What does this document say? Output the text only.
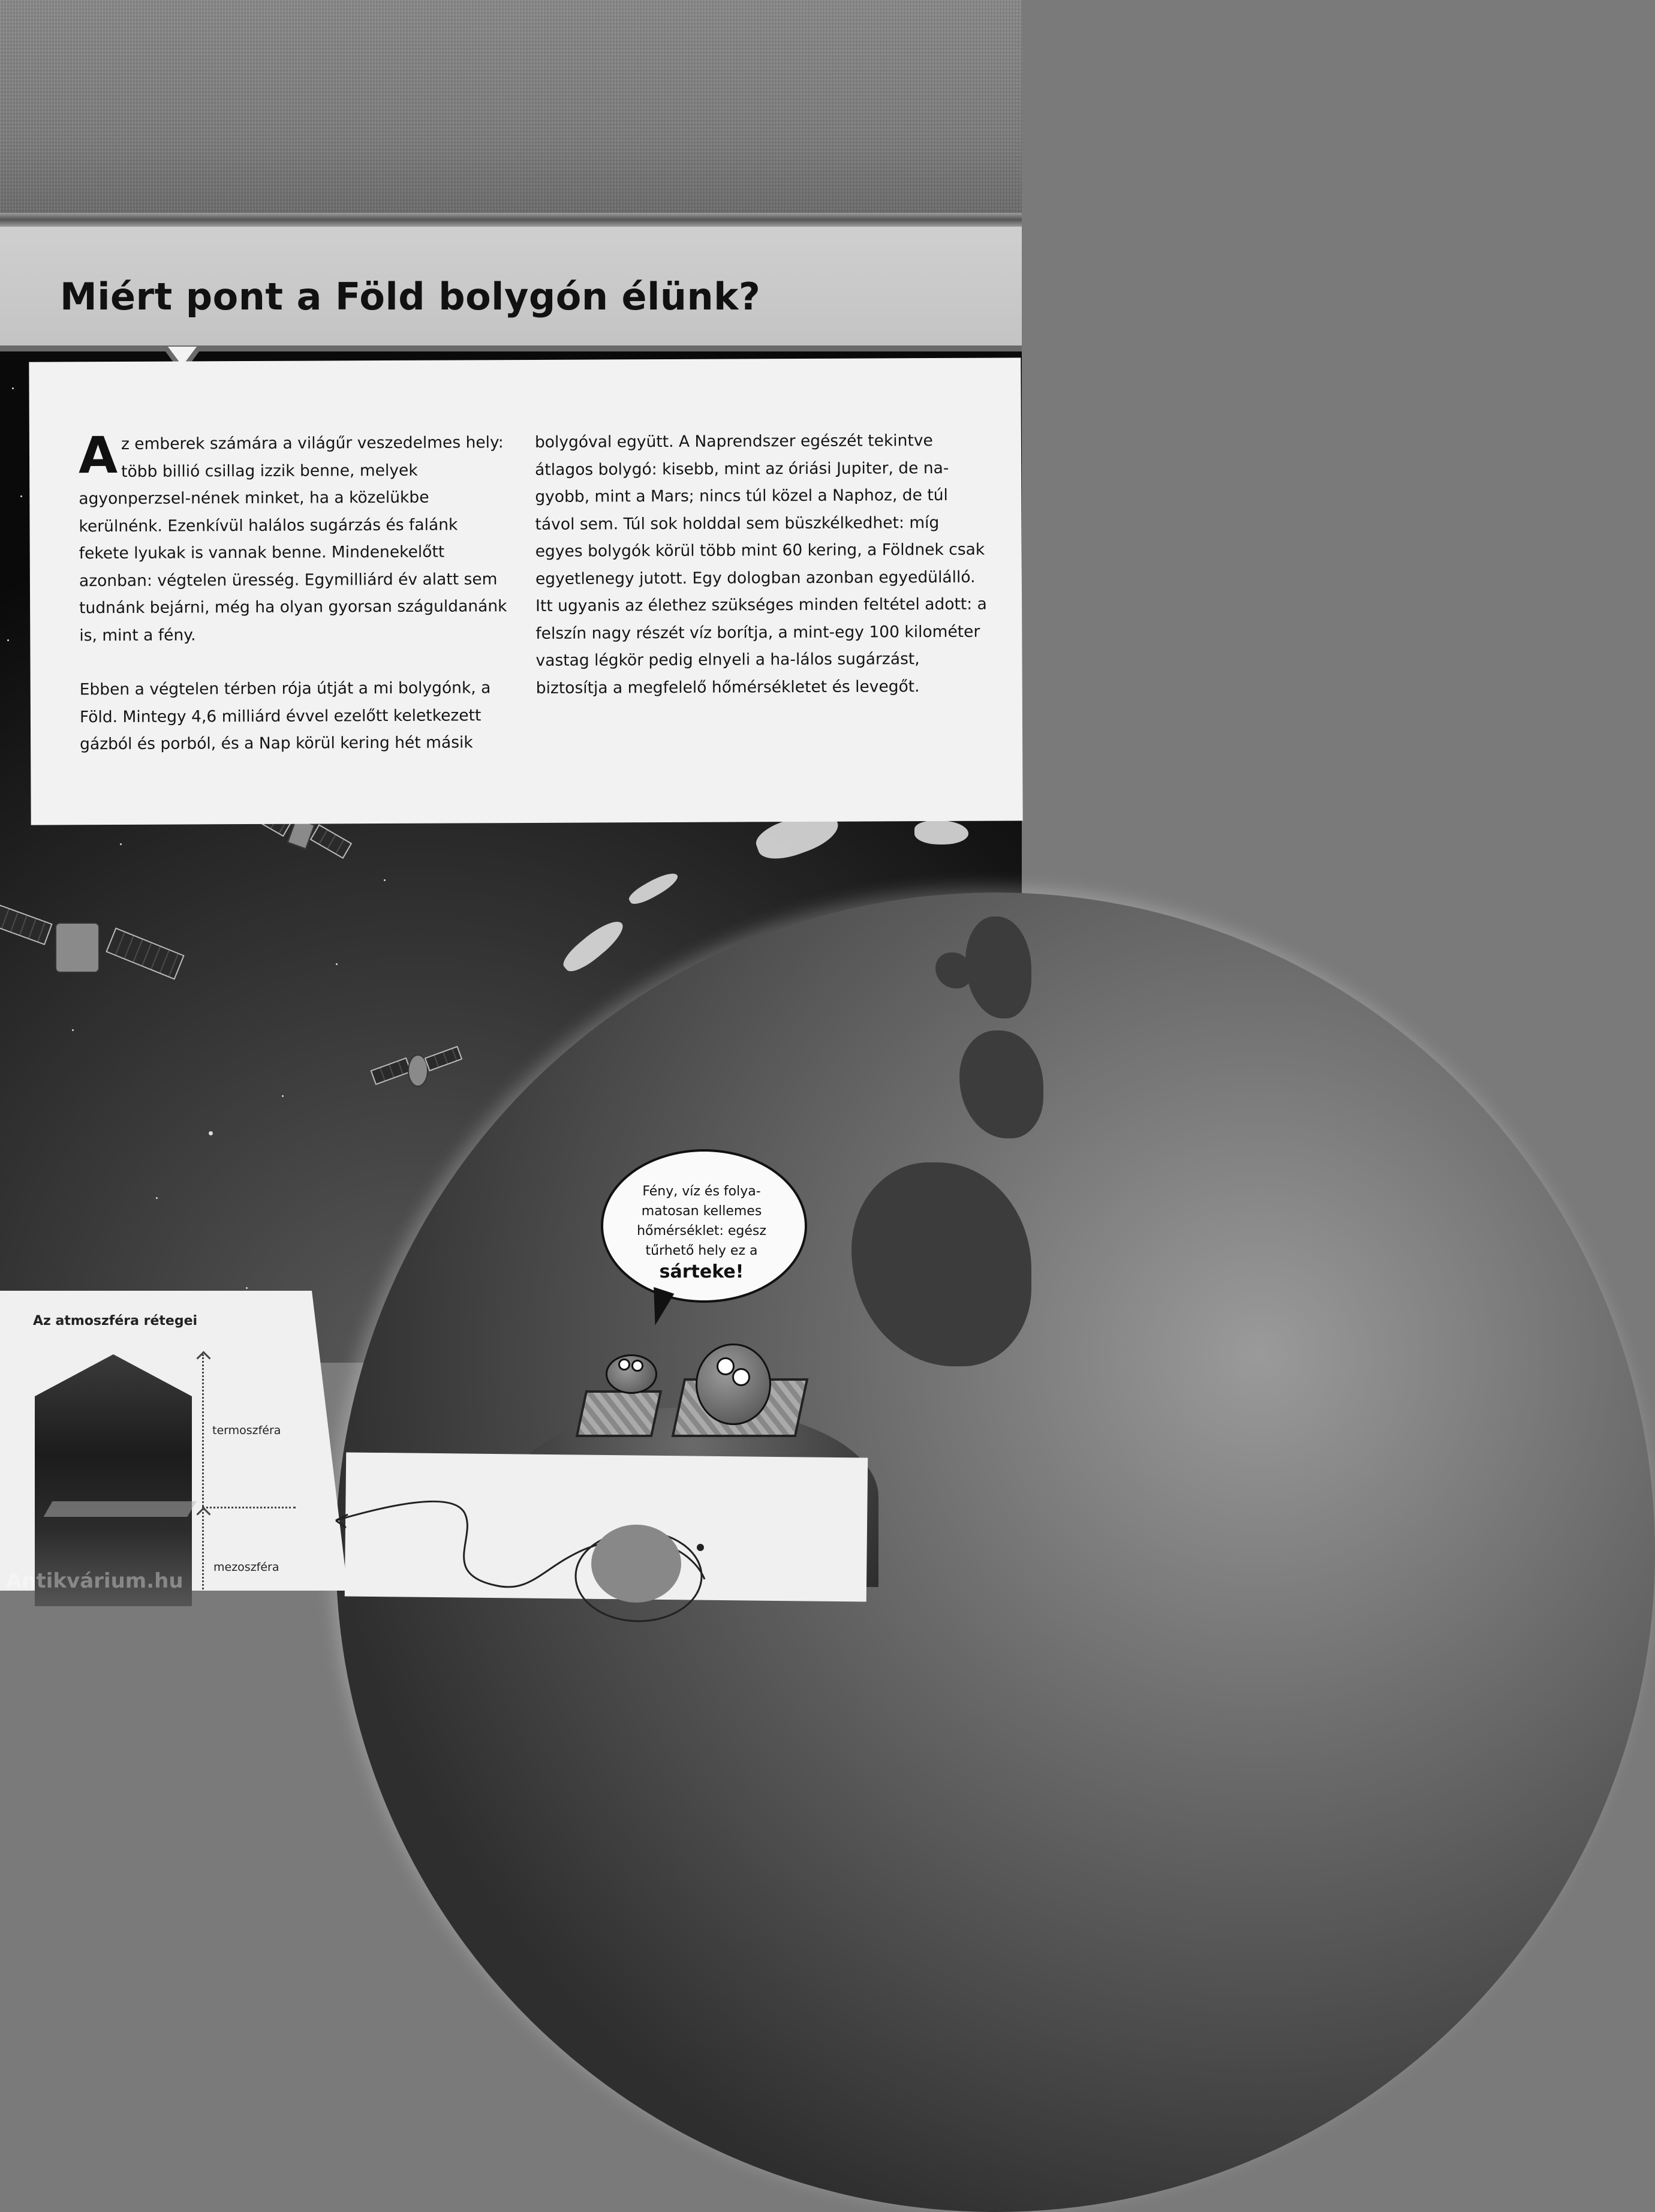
Miért pont a Föld bolygón élünk?

Fény, víz és folya-matosan kellemes hőmérséklet: egész tűrhető hely ez a
sárteke!

Az emberek számára a világűr veszedelmes hely: több billió csillag izzik benne, melyek agyonperzsel-nének minket, ha a közelükbe kerülnénk. Ezenkívül halálos sugárzás és falánk fekete lyukak is vannak benne. Mindenekelőtt azonban: végtelen üresség. Egymilliárd év alatt sem tudnánk bejárni, még ha olyan gyorsan száguldanánk is, mint a fény.

Ebben a végtelen térben rója útját a mi bolygónk, a Föld. Mintegy 4,6 milliárd évvel ezelőtt keletkezett gázból és porból, és a Nap körül kering hét másik

bolygóval együtt. A Naprendszer egészét tekintve átlagos bolygó: kisebb, mint az óriási Jupiter, de na-gyobb, mint a Mars; nincs túl közel a Naphoz, de túl távol sem. Túl sok holddal sem büszkélkedhet: míg egyes bolygók körül több mint 60 kering, a Földnek csak egyetlenegy jutott. Egy dologban azonban egyedülálló. Itt ugyanis az élethez szükséges minden feltétel adott: a felszín nagy részét víz borítja, a mint-egy 100 kilométer vastag légkör pedig elnyeli a ha-lálos sugárzást, biztosítja a megfelelő hőmérsékletet és levegőt.

Az atmoszféra rétegei

termoszféra

mezoszféra

Antikvárium.hu
